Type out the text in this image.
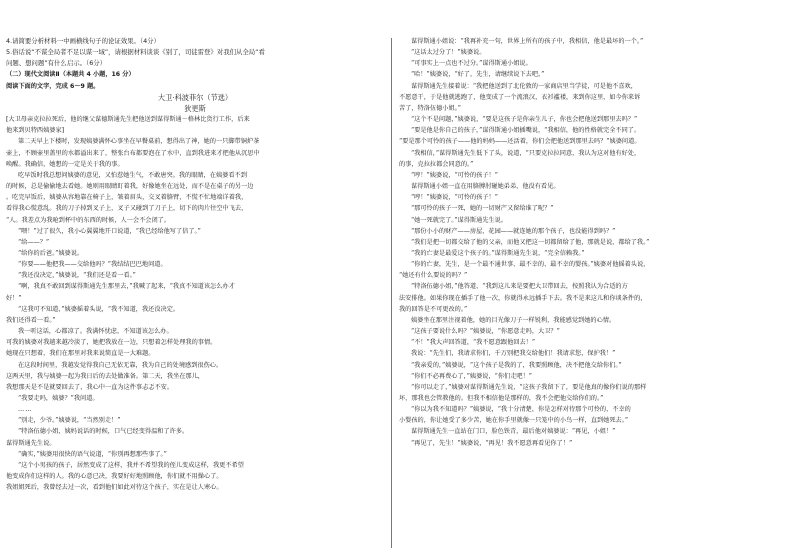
4.请简要分析材料一中画横线句子的论证效果。（4分）
5.俗话说“不谋全局者不足以谋一域”，请根据材料谈谈《别了，司徒雷登》对我们从全局“看
问题、想问题”有什么启示。（6分）
（二）现代文阅读Ⅱ（本题共 4 小题，16 分）
阅读下面的文字，完成 6～9 题。
大卫·科波菲尔（节选）
狄更斯
[大卫母亲克拉拉死后，他的继父谋德斯通先生把他送到谋得斯通－格林比货行工作，后来
他来到贝特西姨婆家]
第二天早上下楼时，发现姨婆满怀心事坐在早餐桌前，想得出了神，她的一只脚带铜炉茶
壶上，不顾壶里盖里的水都溢出来了，整张台布都要泡在了水中，直到我进来才把他从沉思中
唤醒。我确信，她想的一定是关于我的事。
吃早饭时我总想问姨婆的意见，又怕惹她生气，不敢唐突。我的眼睛，在姨婆看不到
的时候，总是偷偷地去看她。她则用眼睛盯着我，好像她坐在远处，而不是在桌子的另一边
。吃完早饭后，姨婆从容地靠在椅子上，皱着眉头，交叉着胳臂，不慌不忙地端详着我，
看得我心慌意乱。我的刀子掉到叉子上，叉子又碰到了刀子上，切下的肉片往空中飞去，
“人。我差点为我呛到杯中的东西的时候，人一会不会闭了。
“喂！”过了很久，我小心翼翼地开口说道，“我已经给他写了信了。”
“给——？”
“给你的后爸。”姨婆说。
“你要——他把我——交给他吗？”我结结巴巴地问道。
“我还没决定，”姨婆说，“我们还是看一看。”
“啊，我真不敢回到谋得斯通先生那里去，”我喊了起来，“我真不知道该怎么办才
好！”
“这我可不知道，”姨婆摇着头说，“我不知道，我还没决定。
我们还得看一看。”
我一听这话，心都凉了。我满怀忧虑，不知道该怎么办。
可我的姨婆对我越来越冷淡了，她把我放在一边，只想着怎样处理我的事情。
她现在只想着，我们在那里对我来说简直是一大难题。
在这段时间里，我越发觉得我自己无依无靠，我为自己的处境感到很伤心。
这两天里，我与姨婆一起为我日后的去处做准备。第二天，我坐在那儿，
我想那天是不是就要回去了，我心中一直为这件事忐忑不安。
“我要走吗，姨婆？”我问道。
……
“别走，少爷。”姨婆说，“当然别走！”
“特洛伍德小姐，姨妈说话的时候，口气已经变得温和了许多。
谋得斯通先生说。
“确实，”姨婆用很快的语气说道，“你别再想那些事了。”
“这个小男孩的孩子，居然变成了这样，我并不希望我的侄儿变成这样，我更不希望
他变成你们这样的人。我的心意已决，我要好好地照顾他，你们就不用操心了。
我姐姐死后，我曾经去过一次，看到他们如此对待这个孩子，实在是让人寒心。
谋得斯通小姐说：“我再补充一句，世界上所有的孩子中，我相信，他是最坏的一个。”
“这话太过分了！”姨婆说。
“可事实上一点也不过分。”谋得斯通小姐说。
“哈！”姨婆说，“好了，先生，请继续说下去吧。”
谋得斯通先生接着说：“我把他送到了北伦敦的一家商店里当学徒，可是他不喜欢，
不愿意干，于是他就逃跑了，他变成了一个流浪汉，衣衫褴褛，来到你这里，如今你来诉
苦了，特洛伍德小姐。”
“这个不是问题，”姨婆说，“要是这孩子是你亲生儿子，你也会把他送到那里去吗？”
“要是他是你自己的孩子，”谋得斯通小姐插嘴说，“我相信，他的性格就完全不同了。
“要是那个可怜的孩子——他的妈妈——还活着，你们会把他送到那里去吗？”姨婆问道。
“我相信，”谋得斯通先生低下了头，说道，“只要克拉拉同意，我认为这对他有好处，
的事，克拉拉都会同意的。”
“哼！”姨婆说，“可怜的孩子！”
谋得斯通小姐一直在用胳膊肘碰她弟弟，他没有看见。
“哼！”姨婆说，“可怜的孩子！”
“那可怜的孩子一死，她的一切财产又留给谁了呢？”
“她一死就完了。”谋得斯通先生说。
“那份小小的财产——房屋、花园——就连她的那个孩子，也没能得到吗？”
“我们是把一切都交给了他的父亲，而他又把这一切都留给了他，那就是说，都给了我。”
“我的亡妻是最爱这个孩子的。”谋得斯通先生说，“完全信赖我。”
“你的亡妻，先生，是一个最不通世事、最不幸的、最不幸的婴孩。”姨婆对他摇着头说，
“她还有什么要说的吗？”
“特洛伍德小姐，”他答道，“我到这儿来是要把大卫带回去，按照我认为合适的方
法安排他。如果你现在插手了他一次，你就得永远插手下去。我不是来这儿和你谈条件的，
我的回答是不可更改的。”
姨婆坐在那里注视着他，她的目光像刀子一样锐利，我能感觉到她的心情。
“这孩子要说什么吗？”姨婆说，“你愿意走吗，大卫？”
“不！”我大声回答道，“我不愿意跟他回去！”
我说：“先生们，我请求你们，千万别把我交给他们！我请求您，保护我！”
“我亲爱的，”姨婆说，“这个孩子是我的了，我要照顾他，决不把他交给你们。”
“你们不必再费心了，”姨婆说，“你们走吧！”
“你可以走了，”姨婆对谋得斯通先生说，“这孩子我留下了，要是他真的像你们说的那样
坏，那我也会管教他的。但我不相信他是那样的，我不会把他交给你们的。”
“你以为我不知道吗？”姨婆说，“我十分清楚，你是怎样对待那个可怜的、不幸的
小婴孩的，你让她受了多少苦，她在你手里就像一只笼中的小鸟一样，直到她死去。”
谋得斯通先生一直站在门口，脸色铁青，最后他对姨婆说：“再见，小姐！”
“再见了，先生！”姨婆说，“再见！我不愿意再看见你了！”
